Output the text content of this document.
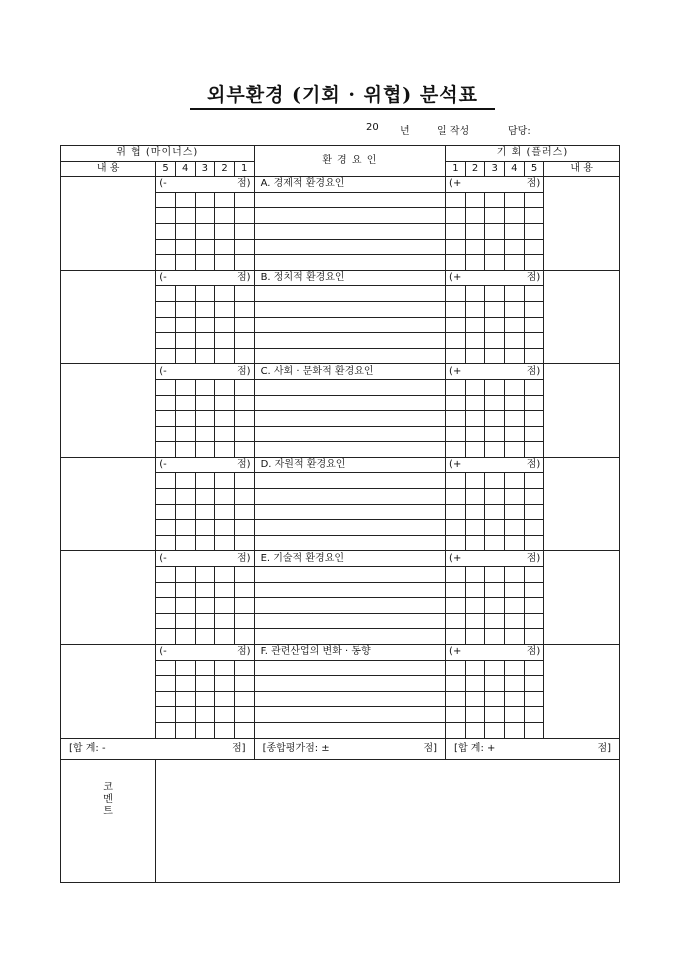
외부환경 (기회 · 위협) 분석표
20 년	일 작성	담당:
위 협 (마이너스)						환 경 요 인	기 회 (플러스)					
내 용	5	4	3	2	1		1	2	3	4	5	내 용

	(- 점)					A. 경제적 환경요인	(+ 점)					

	(- 점)					B. 정치적 환경요인	(+ 점)					

	(- 점)					C. 사회 · 문화적 환경요인	(+ 점)					

	(- 점)					D. 자원적 환경요인	(+ 점)					

	(- 점)					E. 기술적 환경요인	(+ 점)					

	(- 점)					F. 관련산업의 변화 · 동향	(+ 점)					

[합 계: - 점]						[종합평가점: ± 점]	[합 계: + 점]					

코 멘 트												
